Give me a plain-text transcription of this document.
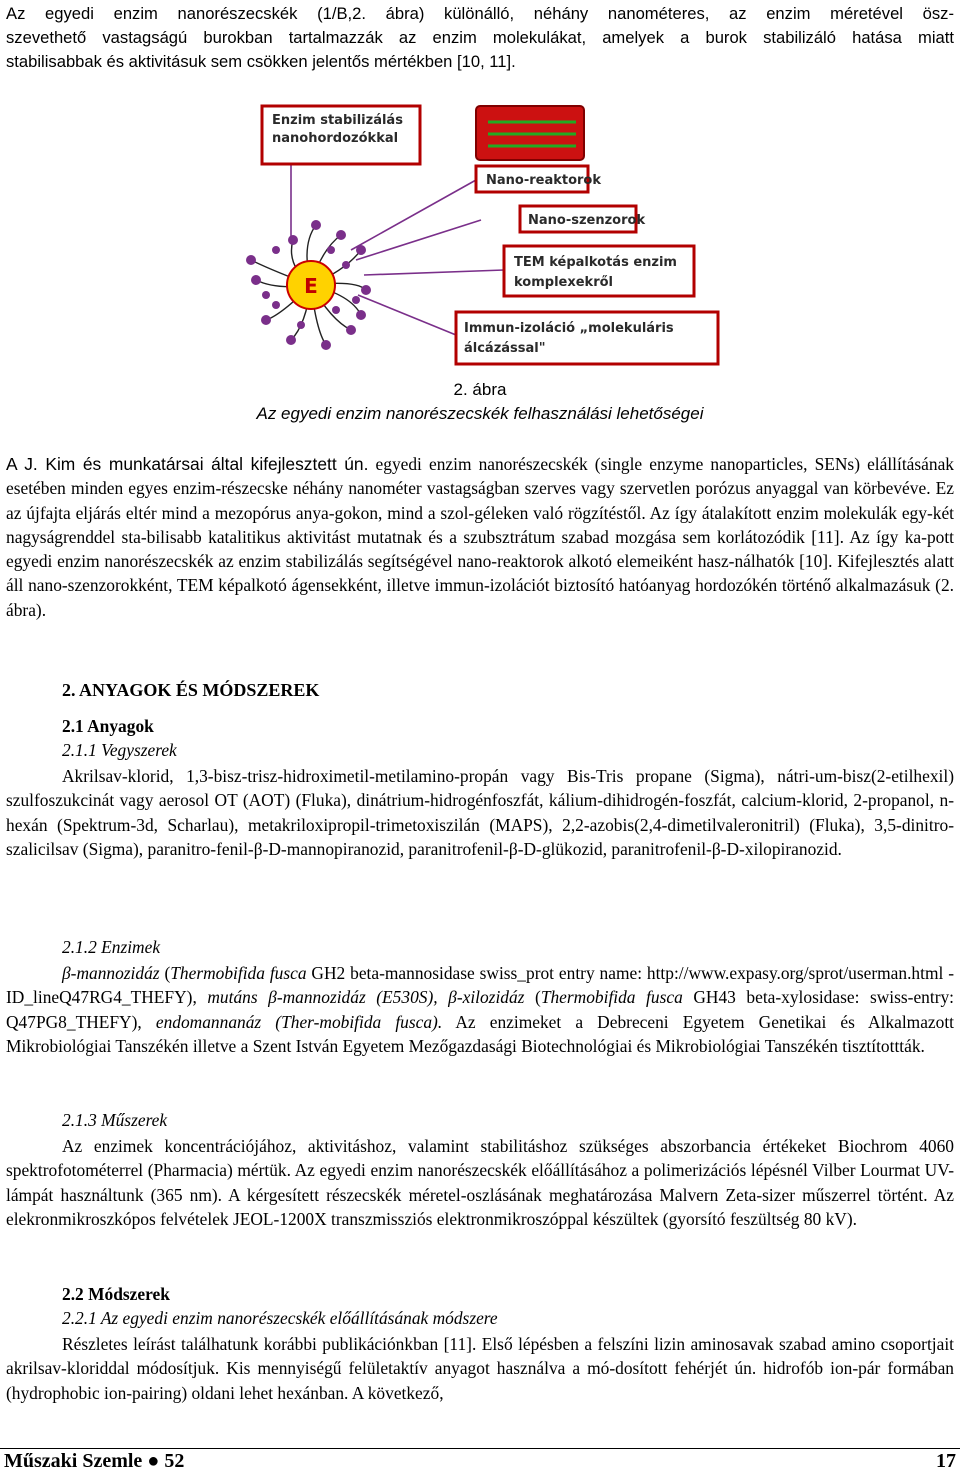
Az egyedi enzim nanorészecskék (1/B,2. ábra) különálló, néhány nanométeres, az enzim méretével ösz-
szevethető vastagságú burokban tartalmazzák az enzim molekulákat, amelyek a burok stabilizáló hatása miatt
stabilisabbak és aktivitásuk sem csökken jelentős mértékben [10, 11].
Enzim stabilizálás
nanohordozókkal
Nano-reaktorok
Nano-szenzorok
TEM képalkotás enzim
komplexekről
Immun-izoláció „molekuláris
álcázással"
E
2. ábra
Az egyedi enzim nanorészecskék felhasználási lehetőségei

A J. Kim és munkatársai által kifejlesztett ún. egyedi enzim nanorészecskék (single enzyme nanoparticles, SENs) elállításának esetében minden egyes enzim-részecske néhány nanométer vastagságban szerves vagy szervetlen porózus anyaggal van körbevéve. Ez az újfajta eljárás eltér mind a mezopórus anya-gokon, mind a szol-géleken való rögzítéstől. Az így átalakított enzim molekulák egy-két nagyságrenddel sta-bilisabb katalitikus aktivitást mutatnak és a szubsztrátum szabad mozgása sem korlátozódik [11]. Az így ka-pott egyedi enzim nanorészecskék az enzim stabilizálás segítségével nano-reaktorok alkotó elemeiként hasz-nálhatók [10]. Kifejlesztés alatt áll nano-szenzorokként, TEM képalkotó ágensekként, illetve immun-izolációt biztosító hatóanyag hordozókén történő alkalmazásuk (2. ábra).

2. ANYAGOK ÉS MÓDSZEREK
2.1 Anyagok
2.1.1 Vegyszerek

Akrilsav-klorid, 1,3-bisz-trisz-hidroximetil-metilamino-propán vagy Bis-Tris propane (Sigma), nátri-um-bisz(2-etilhexil) szulfoszukcinát vagy aerosol OT (AOT) (Fluka), dinátrium-hidrogénfoszfát, kálium-dihidrogén-foszfát, calcium-klorid, 2-propanol, n-hexán (Spektrum-3d, Scharlau), metakriloxipropil-trimetoxiszilán (MAPS), 2,2-azobis(2,4-dimetilvaleronitril) (Fluka), 3,5-dinitro-szalicilsav (Sigma), paranitro-fenil-β-D-mannopiranozid, paranitrofenil-β-D-glükozid, paranitrofenil-β-D-xilopiranozid.

2.1.2 Enzimek

β-mannozidáz (Thermobifida fusca GH2 beta-mannosidase swiss_prot entry name: http://www.expasy.org/sprot/userman.html - ID_lineQ47RG4_THEFY), mutáns β-mannozidáz (E530S), β-xilozidáz (Thermobifida fusca GH43 beta-xylosidase: swiss-entry: Q47PG8_THEFY), endomannanáz (Ther-mobifida fusca). Az enzimeket a Debreceni Egyetem Genetikai és Alkalmazott Mikrobiológiai Tanszékén illetve a Szent István Egyetem Mezőgazdasági Biotechnológiai és Mikrobiológiai Tanszékén tisztítottták.

2.1.3 Műszerek

Az enzimek koncentrációjához, aktivitáshoz, valamint stabilitáshoz szükséges abszorbancia értékeket Biochrom 4060 spektrofotométerrel (Pharmacia) mértük. Az egyedi enzim nanorészecskék előállításához a polimerizációs lépésnél Vilber Lourmat UV-lámpát használtunk (365 nm). A kérgesített részecskék méretel-oszlásának meghatározása Malvern Zeta-sizer műszerrel történt. Az elekronmikroszkópos felvételek JEOL-1200X transzmissziós elektronmikroszóppal készültek (gyorsító feszültség 80 kV).

2.2 Módszerek
2.2.1 Az egyedi enzim nanorészecskék előállításának módszere

Részletes leírást találhatunk korábbi publikációnkban [11]. Első lépésben a felszíni lizin aminosavak szabad amino csoportjait akrilsav-kloriddal módosítjuk. Kis mennyiségű felületaktív anyagot használva a mó-dosított fehérjét ún. hidrofób ion-pár formában (hydrophobic ion-pairing) oldani lehet hexánban. A következő,

Műszaki Szemle ● 52	17
